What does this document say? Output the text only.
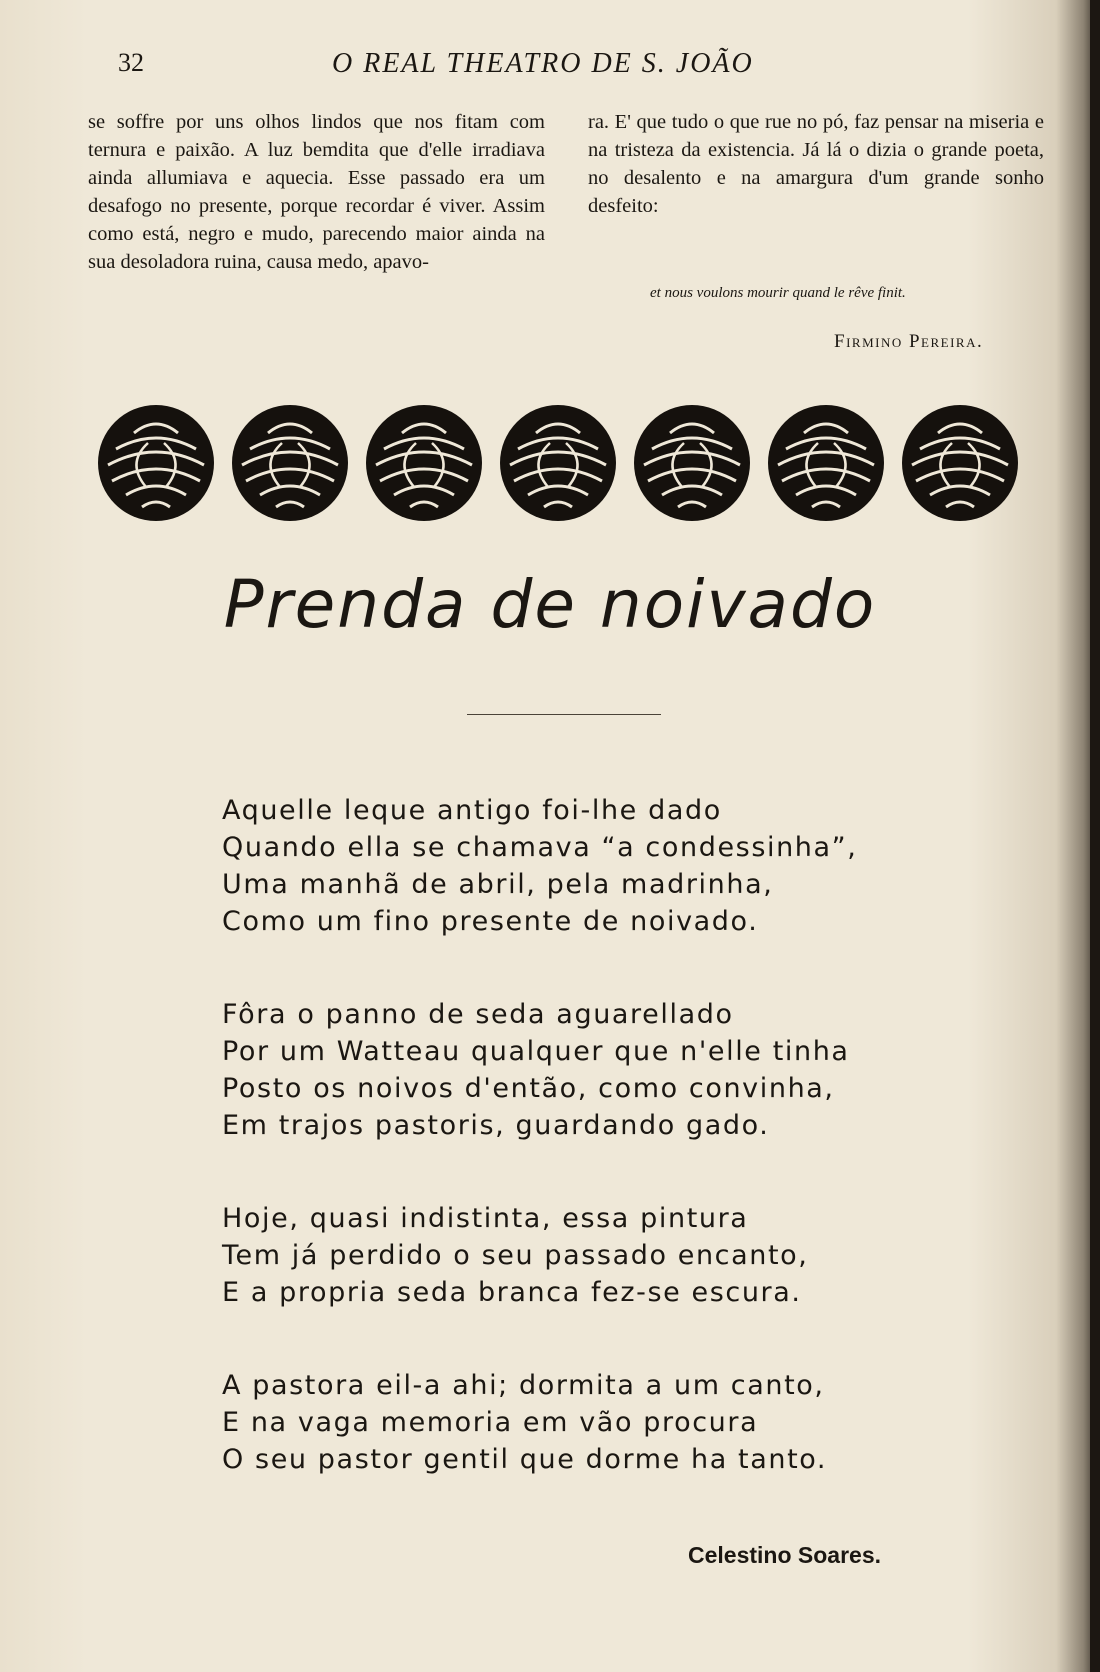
32	O REAL THEATRO DE S. JOÃO

se soffre por uns olhos lindos que nos fitam com ternura e paixão. A luz bemdita que d'elle irradiava ainda allumiava e aquecia. Esse passado era um desafogo no presente, porque recordar é viver. Assim como está, negro e mudo, parecendo maior ainda na sua desoladora ruina, causa medo, apavo-

ra. E' que tudo o que rue no pó, faz pensar na miseria e na tristeza da existencia. Já lá o dizia o grande poeta, no desalento e na amargura d'um grande sonho desfeito:

et nous voulons mourir quand le rêve finit.
Firmino Pereira.
Prenda de noivado
Aquelle leque antigo foi-lhe dado
Quando ella se chamava “a condessinha”,
Uma manhã de abril, pela madrinha,
Como um fino presente de noivado.
Fôra o panno de seda aguarellado
Por um Watteau qualquer que n'elle tinha
Posto os noivos d'então, como convinha,
Em trajos pastoris, guardando gado.
Hoje, quasi indistinta, essa pintura
Tem já perdido o seu passado encanto,
E a propria seda branca fez-se escura.
A pastora eil-a ahi; dormita a um canto,
E na vaga memoria em vão procura
O seu pastor gentil que dorme ha tanto.
Celestino Soares.
